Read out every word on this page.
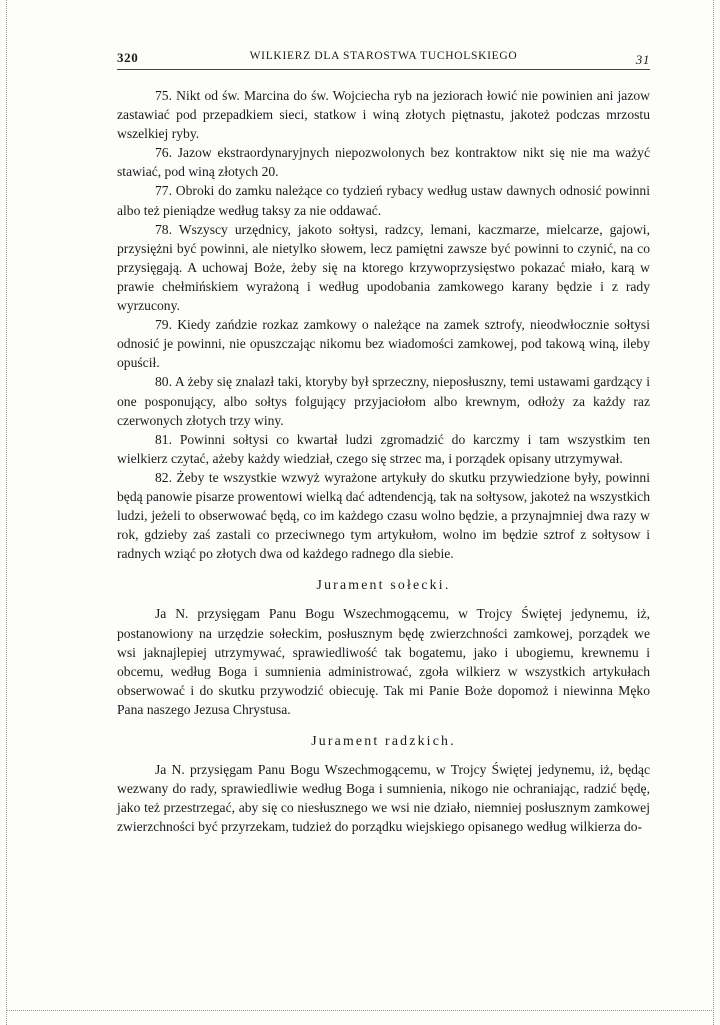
320	WILKIERZ DLA STAROSTWA TUCHOLSKIEGO	31

75. Nikt od św. Marcina do św. Wojciecha ryb na jeziorach łowić nie powinien ani jazow zastawiać pod przepadkiem sieci, statkow i winą złotych piętnastu, jakoteż podczas mrzostu wszelkiej ryby.

76. Jazow ekstraordynaryjnych niepozwolonych bez kontraktow nikt się nie ma ważyć stawiać, pod winą złotych 20.

77. Obroki do zamku należące co tydzień rybacy według ustaw dawnych odnosić powinni albo też pieniądze według taksy za nie oddawać.

78. Wszyscy urzędnicy, jakoto sołtysi, radzcy, lemani, kaczmarze, mielcarze, gajowi, przysiężni być powinni, ale nietylko słowem, lecz pamiętni zawsze być powinni to czynić, na co przysięgają. A uchowaj Boże, żeby się na ktorego krzywoprzysięstwo pokazać miało, karą w prawie chełmińskiem wyrażoną i według upodobania zamkowego karany będzie i z rady wyrzucony.

79. Kiedy zańdzie rozkaz zamkowy o należące na zamek sztrofy, nieodwłocznie sołtysi odnosić je powinni, nie opuszczając nikomu bez wiadomości zamkowej, pod takową winą, ileby opuścił.

80. A żeby się znalazł taki, ktoryby był sprzeczny, nieposłuszny, temi ustawami gardzący i one posponujący, albo sołtys folgujący przyjaciołom albo krewnym, odłoży za każdy raz czerwonych złotych trzy winy.

81. Powinni sołtysi co kwartał ludzi zgromadzić do karczmy i tam wszystkim ten wielkierz czytać, ażeby każdy wiedział, czego się strzec ma, i porządek opisany utrzymywał.

82. Żeby te wszystkie wzwyż wyrażone artykuły do skutku przywiedzione były, powinni będą panowie pisarze prowentowi wielką dać adtendencją, tak na sołtysow, jakoteż na wszystkich ludzi, jeżeli to obserwować będą, co im każdego czasu wolno będzie, a przynajmniej dwa razy w rok, gdzieby zaś zastali co przeciwnego tym artykułom, wolno im będzie sztrof z sołtysow i radnych wziąć po złotych dwa od każdego radnego dla siebie.

Jurament sołecki.

Ja N. przysięgam Panu Bogu Wszechmogącemu, w Trojcy Świętej jedynemu, iż, postanowiony na urzędzie sołeckim, posłusznym będę zwierzchności zamkowej, porządek we wsi jaknajlepiej utrzymywać, sprawiedliwość tak bogatemu, jako i ubogiemu, krewnemu i obcemu, według Boga i sumnienia administrować, zgoła wilkierz w wszystkich artykułach obserwować i do skutku przywodzić obiecuję. Tak mi Panie Boże dopomoż i niewinna Męko Pana naszego Jezusa Chrystusa.

Jurament radzkich.

Ja N. przysięgam Panu Bogu Wszechmogącemu, w Trojcy Świętej jedynemu, iż, będąc wezwany do rady, sprawiedliwie według Boga i sumnienia, nikogo nie ochraniając, radzić będę, jako też przestrzegać, aby się co niesłusznego we wsi nie działo, niemniej posłusznym zamkowej zwierzchności być przyrzekam, tudzież do porządku wiejskiego opisanego według wilkierza do-
